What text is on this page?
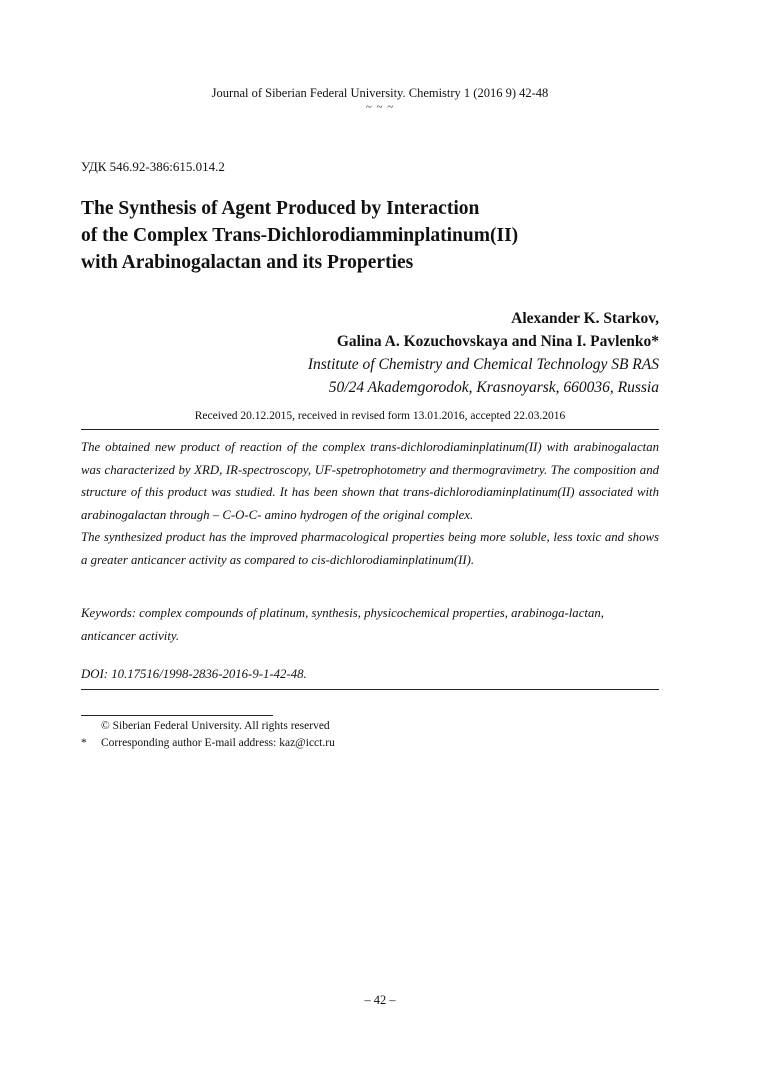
Journal of Siberian Federal University. Chemistry 1 (2016 9) 42-48
~ ~ ~
УДК 546.92-386:615.014.2
The Synthesis of Agent Produced by Interaction
of the Complex Trans-Dichlorodiamminplatinum(II)
with Arabinogalactan and its Properties
Alexander K. Starkov,
Galina A. Kozuchovskaya and Nina I. Pavlenko*
Institute of Chemistry and Chemical Technology SB RAS
50/24 Akademgorodok, Krasnoyarsk, 660036, Russia
Received 20.12.2015, received in revised form 13.01.2016, accepted 22.03.2016

The obtained new product of reaction of the complex trans-dichlorodiaminplatinum(II) with arabinogalactan was characterized by XRD, IR-spectroscopy, UF-spetrophotometry and thermogravimetry. The composition and structure of this product was studied. It has been shown that trans-dichlorodiaminplatinum(II) associated with arabinogalactan through – C-O-C- amino hydrogen of the original complex.

The synthesized product has the improved pharmacological properties being more soluble, less toxic and shows a greater anticancer activity as compared to cis-dichlorodiaminplatinum(II).

Keywords: complex compounds of platinum, synthesis, physicochemical properties, arabinoga-lactan, anticancer activity.

DOI: 10.17516/1998-2836-2016-9-1-42-48.

© Siberian Federal University. All rights reserved
* Corresponding author E-mail address: kaz@icct.ru
– 42 –
